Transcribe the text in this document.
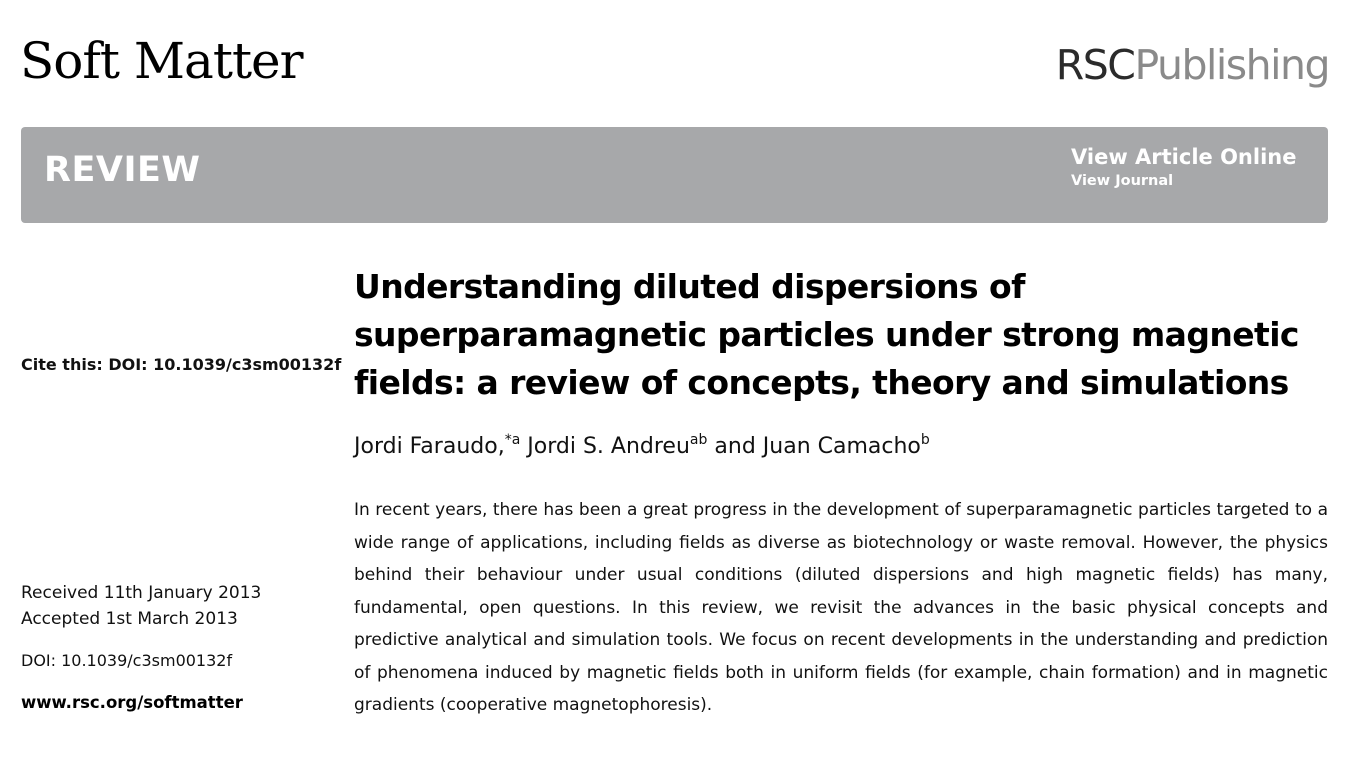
Soft Matter	RSCPublishing
REVIEW	View Article Online
View Journal
Cite this: DOI: 10.1039/c3sm00132f
Received 11th January 2013
Accepted 1st March 2013
DOI: 10.1039/c3sm00132f
www.rsc.org/softmatter
Understanding diluted dispersions of superparamagnetic particles under strong magnetic fields: a review of concepts, theory and simulations
Jordi Faraudo,$^{*a}$ Jordi S. Andreu$^{ab}$ and Juan Camacho$^b$

In recent years, there has been a great progress in the development of superparamagnetic particles targeted to a wide range of applications, including fields as diverse as biotechnology or waste removal. However, the physics behind their behaviour under usual conditions (diluted dispersions and high magnetic fields) has many, fundamental, open questions. In this review, we revisit the advances in the basic physical concepts and predictive analytical and simulation tools. We focus on recent developments in the understanding and prediction of phenomena induced by magnetic fields both in uniform fields (for example, chain formation) and in magnetic gradients (cooperative magnetophoresis).
